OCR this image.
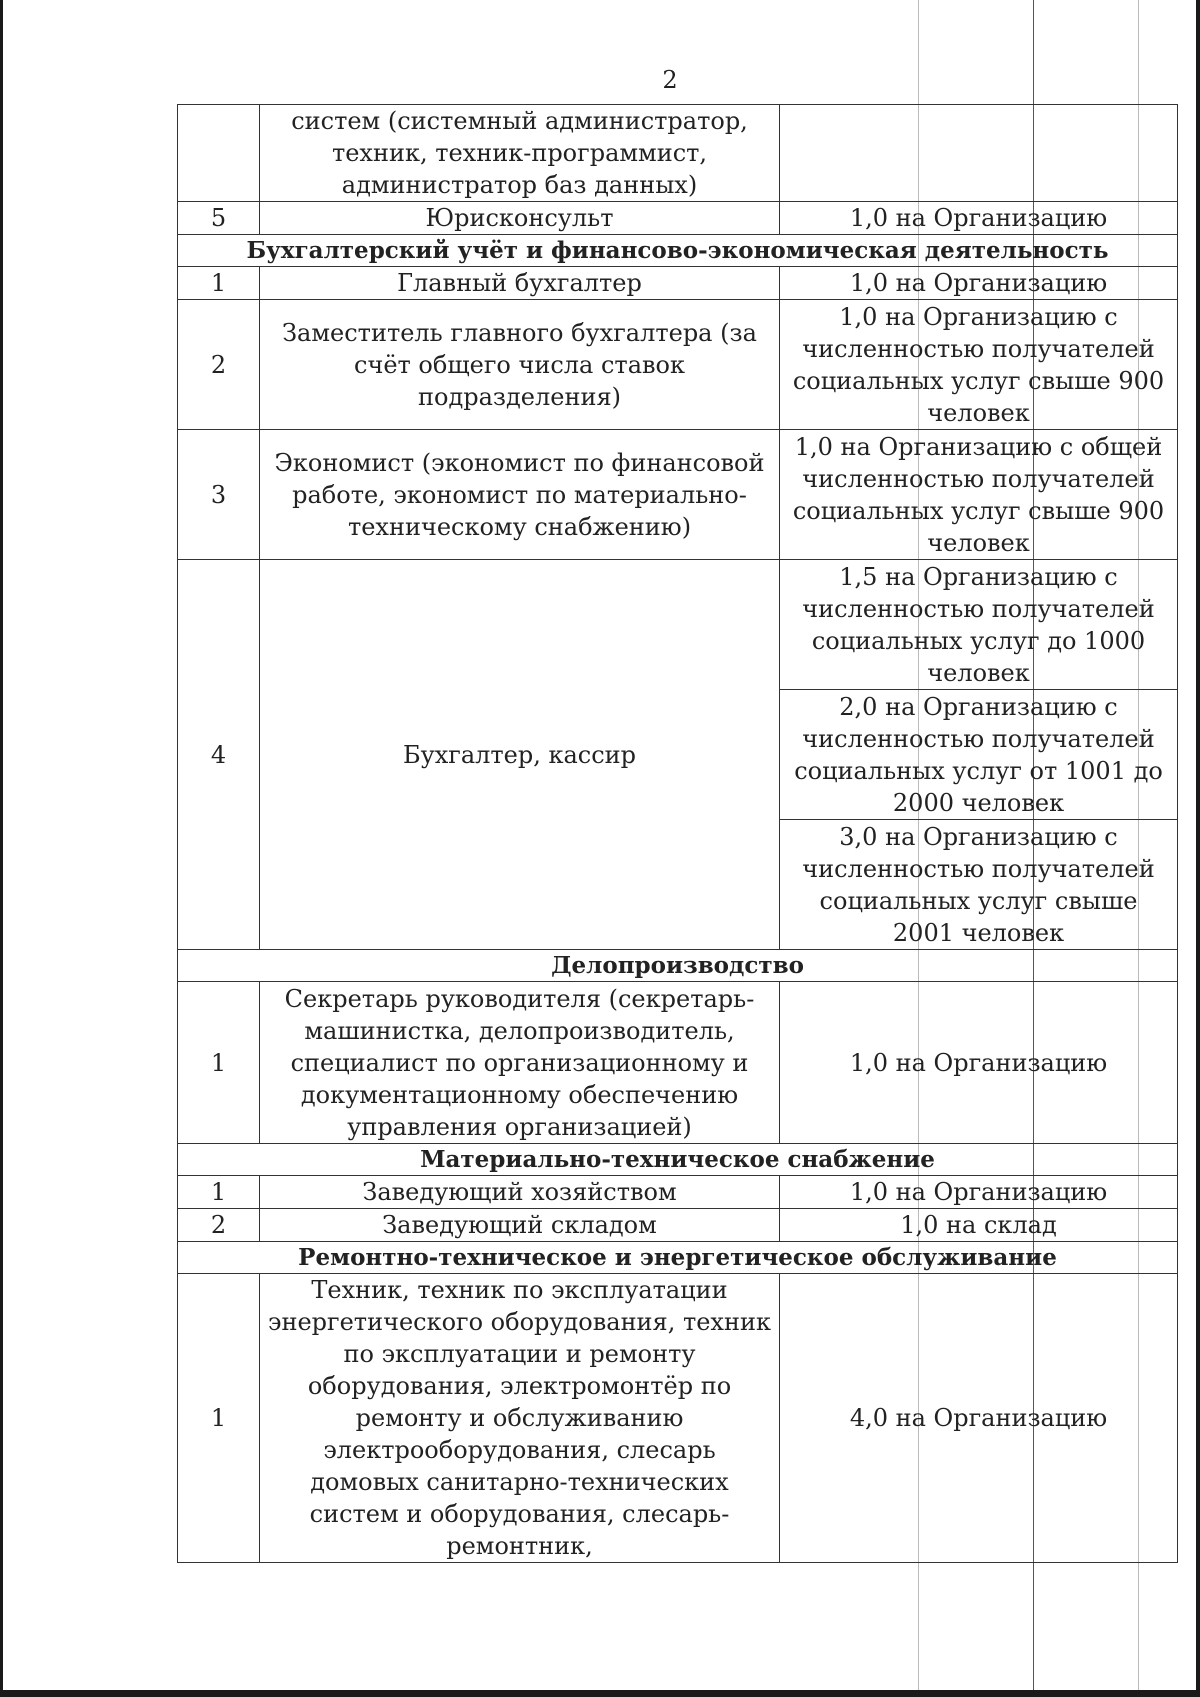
2
	систем (системный администратор, техник, техник-программист, администратор баз данных)	
5	Юрисконсульт	1,0 на Организацию
Бухгалтерский учёт и финансово-экономическая деятельность		
1	Главный бухгалтер	1,0 на Организацию
2	Заместитель главного бухгалтера (за счёт общего числа ставок подразделения)	1,0 на Организацию с численностью получателей социальных услуг свыше 900 человек
3	Экономист (экономист по финансовой работе, экономист по материально-техническому снабжению)	1,0 на Организацию с общей численностью получателей социальных услуг свыше 900 человек
4	Бухгалтер, кассир	1,5 на Организацию с численностью получателей социальных услуг до 1000 человек
		2,0 на Организацию с численностью получателей социальных услуг от 1001 до 2000 человек
		3,0 на Организацию с численностью получателей социальных услуг свыше 2001 человек
Делопроизводство		
1	Секретарь руководителя (секретарь-машинистка, делопроизводитель, специалист по организационному и документационному обеспечению управления организацией)	1,0 на Организацию
Материально-техническое снабжение		
1	Заведующий хозяйством	1,0 на Организацию
2	Заведующий складом	1,0 на склад
Ремонтно-техническое и энергетическое обслуживание		
1	Техник, техник по эксплуатации энергетического оборудования, техник по эксплуатации и ремонту оборудования, электромонтёр по ремонту и обслуживанию электрооборудования, слесарь домовых санитарно-технических систем и оборудования, слесарь-ремонтник,	4,0 на Организацию
